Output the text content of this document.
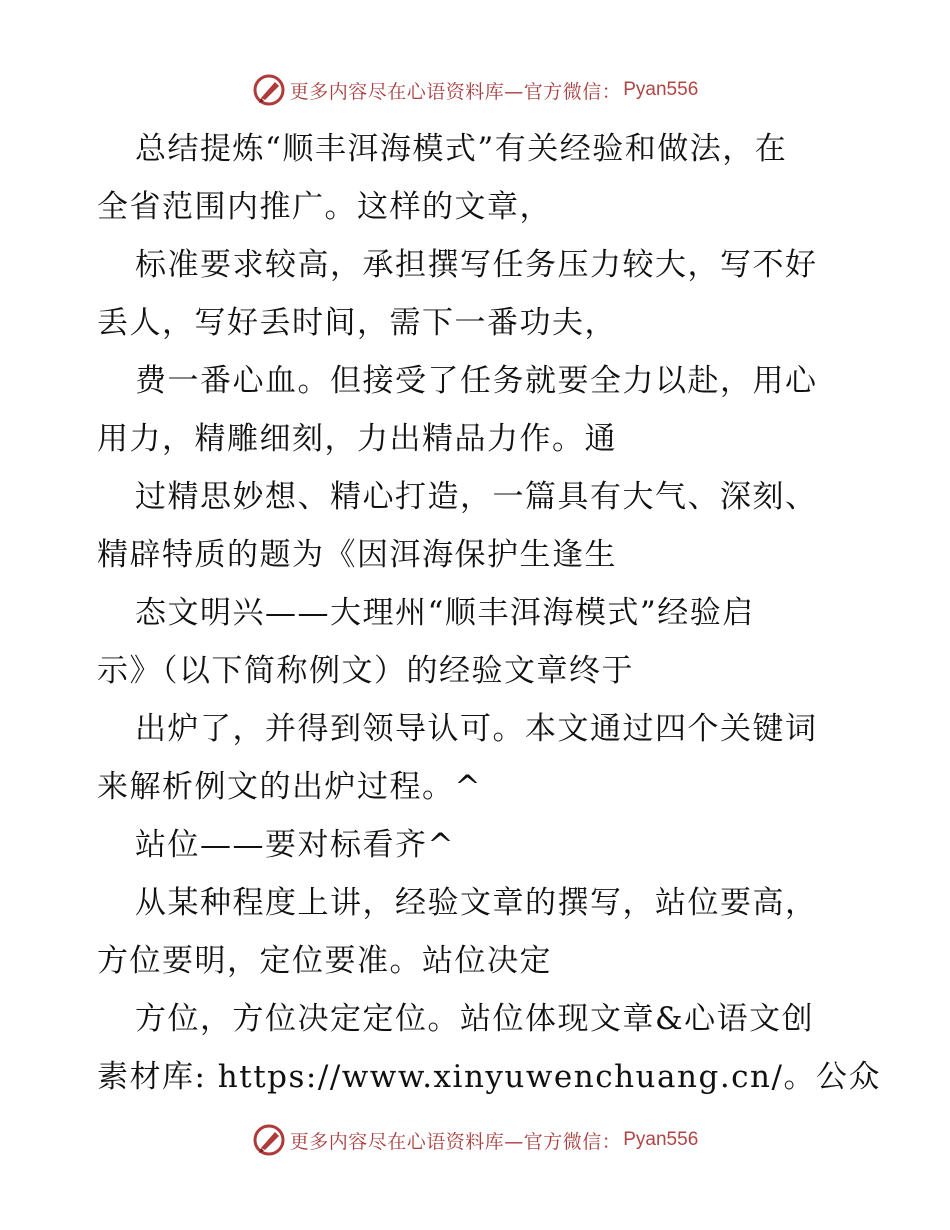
更多内容尽在心语资料库—官方微信： Pyan556
总结提炼“顺丰洱海模式”有关经验和做法，在
全省范围内推广。这样的文章，
标准要求较高，承担撰写任务压力较大，写不好
丢人，写好丢时间，需下一番功夫，
费一番心血。但接受了任务就要全力以赴，用心
用力，精雕细刻，力出精品力作。通
过精思妙想、精心打造，一篇具有大气、深刻、
精辟特质的题为《因洱海保护生逢生
态文明兴——大理州“顺丰洱海模式”经验启
示》（以下简称例文）的经验文章终于
出炉了，并得到领导认可。本文通过四个关键词
来解析例文的出炉过程。^
站位——要对标看齐^
从某种程度上讲，经验文章的撰写，站位要高，
方位要明，定位要准。站位决定
方位，方位决定定位。站位体现文章&心语文创
素材库: https://www.xinyuwenchuang.cn/。公众
更多内容尽在心语资料库—官方微信： Pyan556
